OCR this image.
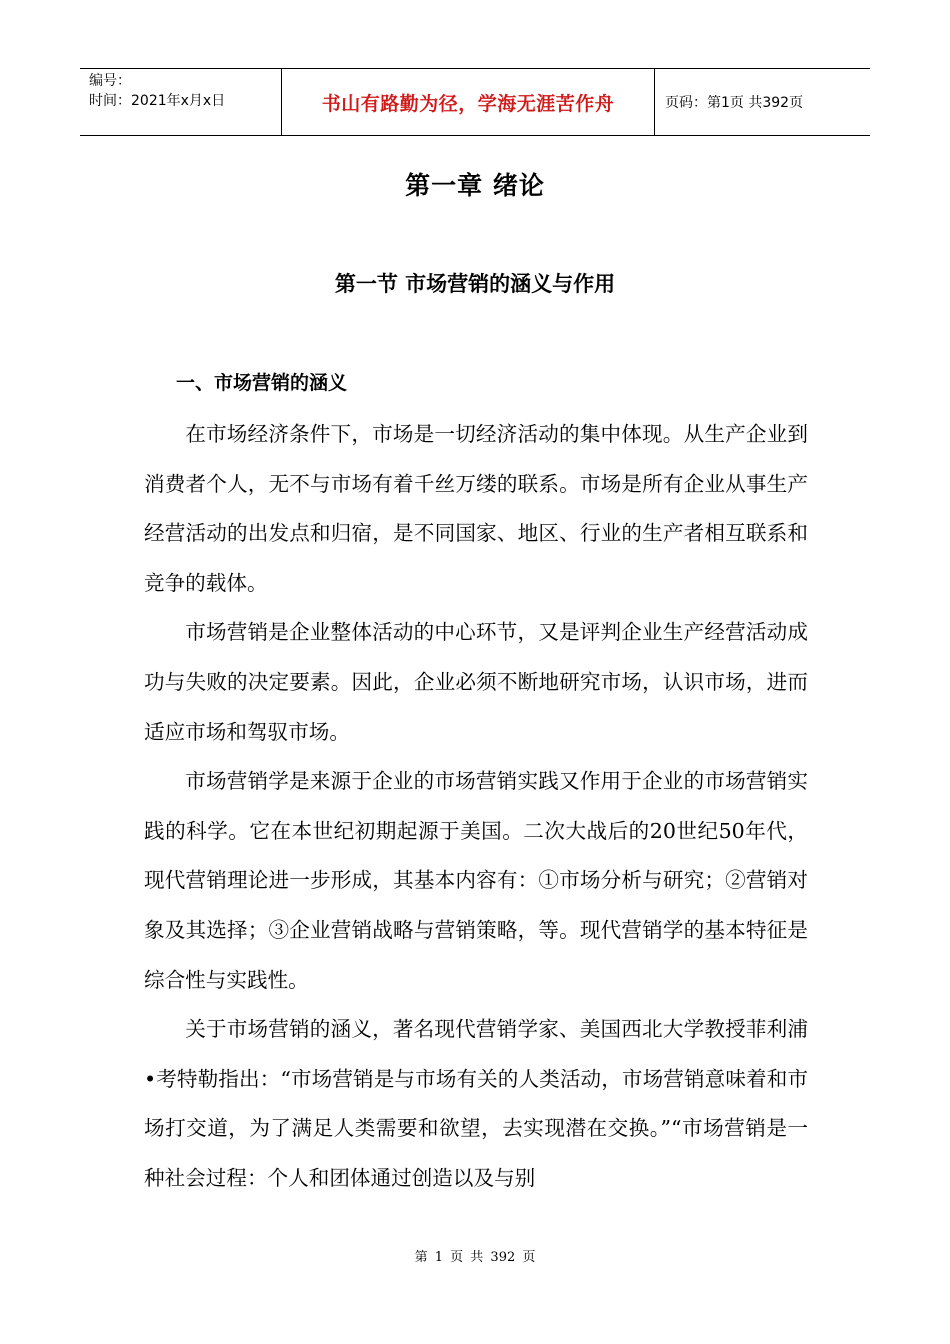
编号：
时间：2021年x月x日	书山有路勤为径，学海无涯苦作舟	页码：第1页 共392页
第一章 绪论
第一节 市场营销的涵义与作用
一、市场营销的涵义

在市场经济条件下，市场是一切经济活动的集中体现。从生产企业到消费者个人，无不与市场有着千丝万缕的联系。市场是所有企业从事生产经营活动的出发点和归宿，是不同国家、地区、行业的生产者相互联系和竞争的载体。

市场营销是企业整体活动的中心环节，又是评判企业生产经营活动成功与失败的决定要素。因此，企业必须不断地研究市场，认识市场，进而适应市场和驾驭市场。

市场营销学是来源于企业的市场营销实践又作用于企业的市场营销实践的科学。它在本世纪初期起源于美国。二次大战后的20世纪50年代，现代营销理论进一步形成，其基本内容有：①市场分析与研究；②营销对象及其选择；③企业营销战略与营销策略，等。现代营销学的基本特征是综合性与实践性。

关于市场营销的涵义，著名现代营销学家、美国西北大学教授菲利浦•考特勒指出：“市场营销是与市场有关的人类活动，市场营销意味着和市场打交道，为了满足人类需要和欲望，去实现潜在交换。”“市场营销是一种社会过程：个人和团体通过创造以及与别

第 1 页 共 392 页
